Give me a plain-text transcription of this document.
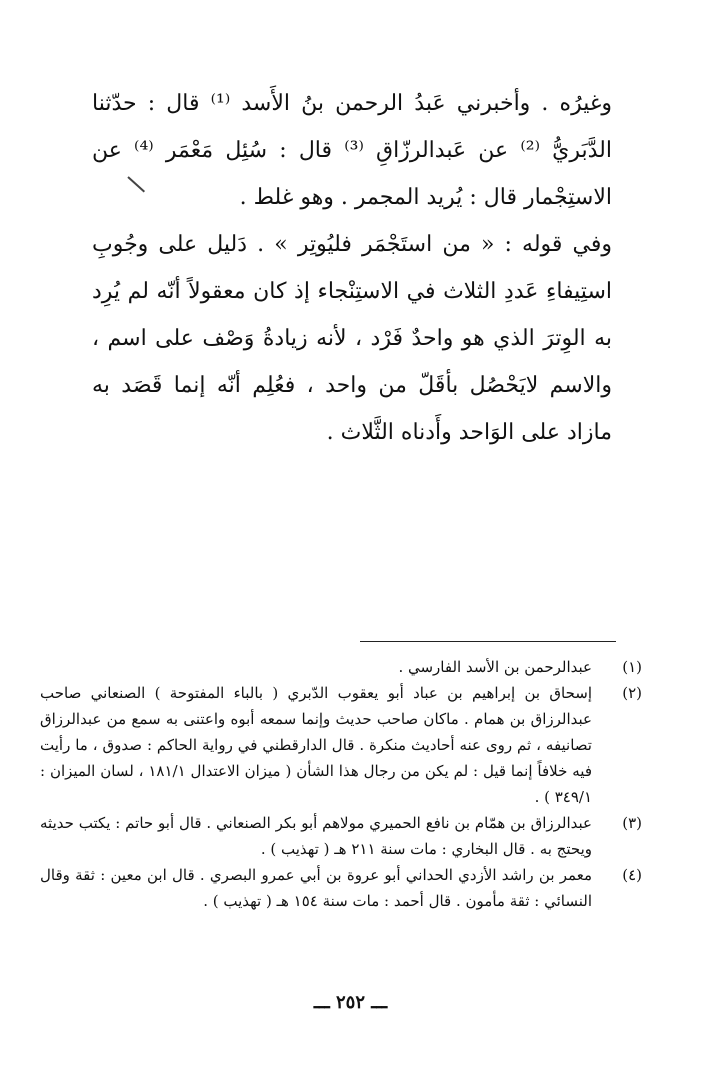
وغيرُه . وأخبرني عَبدُ الرحمن بنُ الأَسد ⁽¹⁾ قال : حدّثنا الدَّبَريُّ ⁽²⁾ عن عَبدالرزّاقِ ⁽³⁾ قال : سُئِل مَعْمَر ⁽⁴⁾ عن الاستِجْمار قال : يُريد المجمر . وهو غلط .

وفي قوله : « من استَجْمَر فليُوتِر » . دَليل على وجُوبِ استِيفاءِ عَددِ الثلاث في الاستِنْجاء إذ كان معقولاً أنّه لم يُرِد به الوِترَ الذي هو واحدٌ فَرْد ، لأنه زيادةُ وَصْف على اسم ، والاسم لايَحْصُل بأقَلّ من واحد ، فعُلِم أنّه إنما قَصَد به مازاد على الوَاحد وأَدناه الثَّلاث .

(١)
عبدالرحمن بن الأسد الفارسي .
(٢)
إسحاق بن إبراهيم بن عباد أبو يعقوب الدّبري ( بالباء المفتوحة ) الصنعاني صاحب عبدالرزاق بن همام . ماكان صاحب حديث وإنما سمعه أبوه واعتنى به سمع من عبدالرزاق تصانيفه ، ثم روى عنه أحاديث منكرة . قال الدارقطني في رواية الحاكم : صدوق ، ما رأيت فيه خلافاً إنما قيل : لم يكن من رجال هذا الشأن ( ميزان الاعتدال ١٨١/١ ، لسان الميزان : ٣٤٩/١ ) .
(٣)
عبدالرزاق بن همّام بن نافع الحميري مولاهم أبو بكر الصنعاني . قال أبو حاتم : يكتب حديثه ويحتج به . قال البخاري : مات سنة ٢١١ هـ ( تهذيب ) .
(٤)
معمر بن راشد الأزدي الحداني أبو عروة بن أبي عمرو البصري . قال ابن معين : ثقة وقال النسائي : ثقة مأمون . قال أحمد : مات سنة ١٥٤ هـ ( تهذيب ) .
ـــ ٢٥٢ ـــ
